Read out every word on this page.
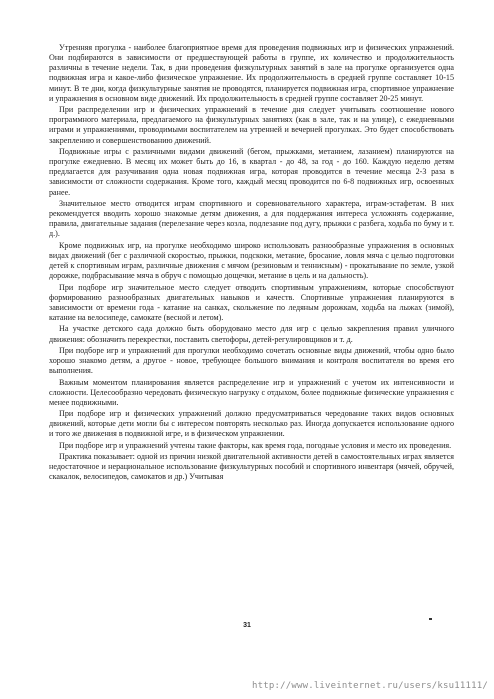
Утренняя прогулка - наиболее благоприятное время для проведения подвижных игр и физических упражнений. Они подбираются в зависимости от предшествующей работы в группе, их количество и продолжительность различны в течение недели. Так, в дни проведения физкультурных занятий в зале на прогулке организуется одна подвижная игра и какое-либо физическое упражнение. Их продолжительность в средней группе составляет 10-15 минут. В те дни, когда физкультурные занятия не проводятся, планируется подвижная игра, спортивное упражнение и упражнения в основном виде движений. Их продолжительность в средней группе составляет 20-25 минут.

При распределении игр и физических упражнений в течение дня следует учитывать соотношение нового программного материала, предлагаемого на физкультурных занятиях (как в зале, так и на улице), с ежедневными играми и упражнениями, проводимыми воспитателем на утренней и вечерней прогулках. Это будет способствовать закреплению и совершенствованию движений.

Подвижные игры с различными видами движений (бегом, прыжками, метанием, лазанием) планируются на прогулке ежедневно. В месяц их может быть до 16, в квартал - до 48, за год - до 160. Каждую неделю детям предлагается для разучивания одна новая подвижная игра, которая проводится в течение месяца 2-3 раза в зависимости от сложности содержания. Кроме того, каждый месяц проводится по 6-8 подвижных игр, освоенных ранее.

Значительное место отводится играм спортивного и соревновательного характера, играм-эстафетам. В них рекомендуется вводить хорошо знакомые детям движения, а для поддержания интереса усложнять содержание, правила, двигательные задания (перелезание через козла, подлезание под дугу, прыжки с разбега, ходьба по буму и т. д.).

Кроме подвижных игр, на прогулке необходимо широко использовать разнообразные упражнения в основных видах движений (бег с различной скоростью, прыжки, подскоки, метание, бросание, ловля мяча с целью подготовки детей к спортивным играм, различные движения с мячом (резиновым и теннисным) - прокатывание по земле, узкой дорожке, подбрасывание мяча в обруч с помощью дощечки, метание в цель и на дальность).

При подборе игр значительное место следует отводить спортивным упражнениям, которые способствуют формированию разнообразных двигательных навыков и качеств. Спортивные упражнения планируются в зависимости от времени года - катание на санках, скольжение по ледяным дорожкам, ходьба на лыжах (зимой), катание на велосипеде, самокате (весной и летом).

На участке детского сада должно быть оборудовано место для игр с целью закрепления правил уличного движения: обозначить перекрестки, поставить светофоры, детей-регулировщиков и т. д.

При подборе игр и упражнений для прогулки необходимо сочетать основные виды движений, чтобы одно было хорошо знакомо детям, а другое - новое, требующее большого внимания и контроля воспитателя во время его выполнения.

Важным моментом планирования является распределение игр и упражнений с учетом их интенсивности и сложности. Целесообразно чередовать физическую нагрузку с отдыхом, более подвижные физические упражнения с менее подвижными.

При подборе игр и физических упражнений должно предусматриваться чередование таких видов основных движений, которые дети могли бы с интересом повторять несколько раз. Иногда допускается использование одного и того же движения в подвижной игре, и в физическом упражнении.

При подборе игр и упражнений учтены такие факторы, как время года, погодные условия и место их проведения.

Практика показывает: одной из причин низкой двигательной активности детей в самостоятельных играх является недостаточное и нерациональное использование физкультурных пособий и спортивного инвентаря (мячей, обручей, скакалок, велосипедов, самокатов и др.) Учитывая

31
http://www.liveinternet.ru/users/ksu11111/
